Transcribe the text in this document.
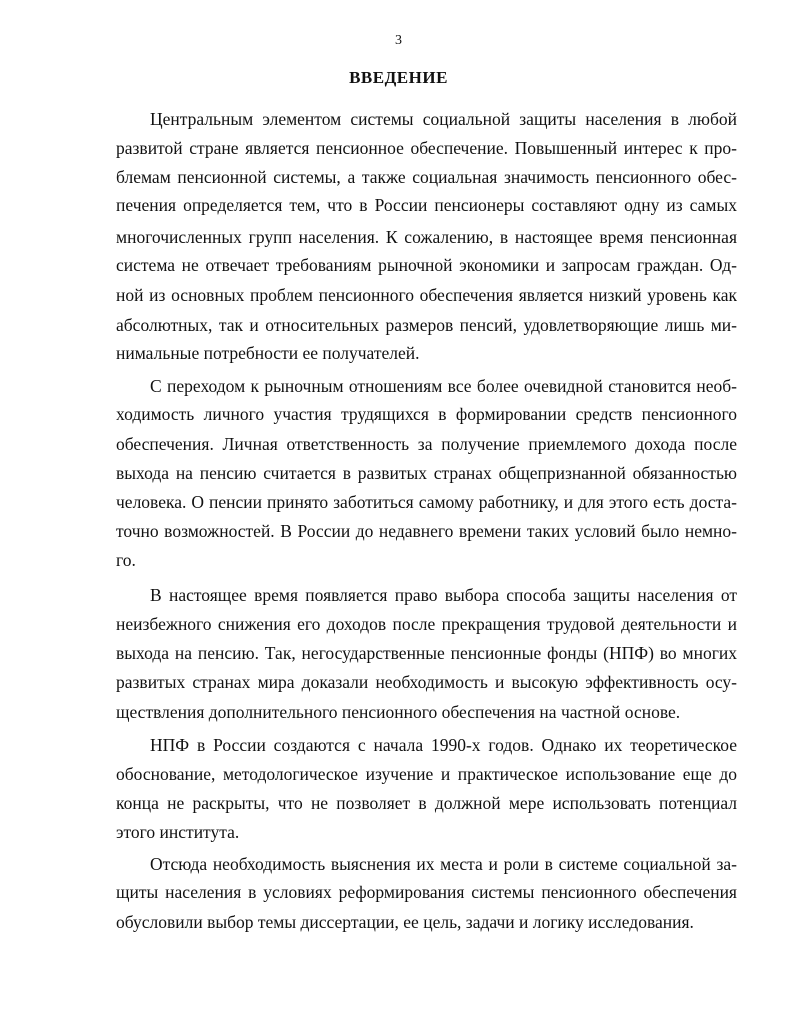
3
ВВЕДЕНИЕ
Центральным элементом системы социальной защиты населения в любой
развитой стране является пенсионное обеспечение. Повышенный интерес к про-
блемам пенсионной системы, а также социальная значимость пенсионного обес-
печения определяется тем, что в России пенсионеры составляют одну из самых
многочисленных групп населения. К сожалению, в настоящее время пенсионная
система не отвечает требованиям рыночной экономики и запросам граждан. Од-
ной из основных проблем пенсионного обеспечения является низкий уровень как
абсолютных, так и относительных размеров пенсий, удовлетворяющие лишь ми-
нимальные потребности ее получателей.
С переходом к рыночным отношениям все более очевидной становится необ-
ходимость личного участия трудящихся в формировании средств пенсионного
обеспечения. Личная ответственность за получение приемлемого дохода после
выхода на пенсию считается в развитых странах общепризнанной обязанностью
человека. О пенсии принято заботиться самому работнику, и для этого есть доста-
точно возможностей. В России до недавнего времени таких условий было немно-
го.
В настоящее время появляется право выбора способа защиты населения от
неизбежного снижения его доходов после прекращения трудовой деятельности и
выхода на пенсию. Так, негосударственные пенсионные фонды (НПФ) во многих
развитых странах мира доказали необходимость и высокую эффективность осу-
ществления дополнительного пенсионного обеспечения на частной основе.
НПФ в России создаются с начала 1990-х годов. Однако их теоретическое
обоснование, методологическое изучение и практическое использование еще до
конца не раскрыты, что не позволяет в должной мере использовать потенциал
этого института.
Отсюда необходимость выяснения их места и роли в системе социальной за-
щиты населения в условиях реформирования системы пенсионного обеспечения
обусловили выбор темы диссертации, ее цель, задачи и логику исследования.
